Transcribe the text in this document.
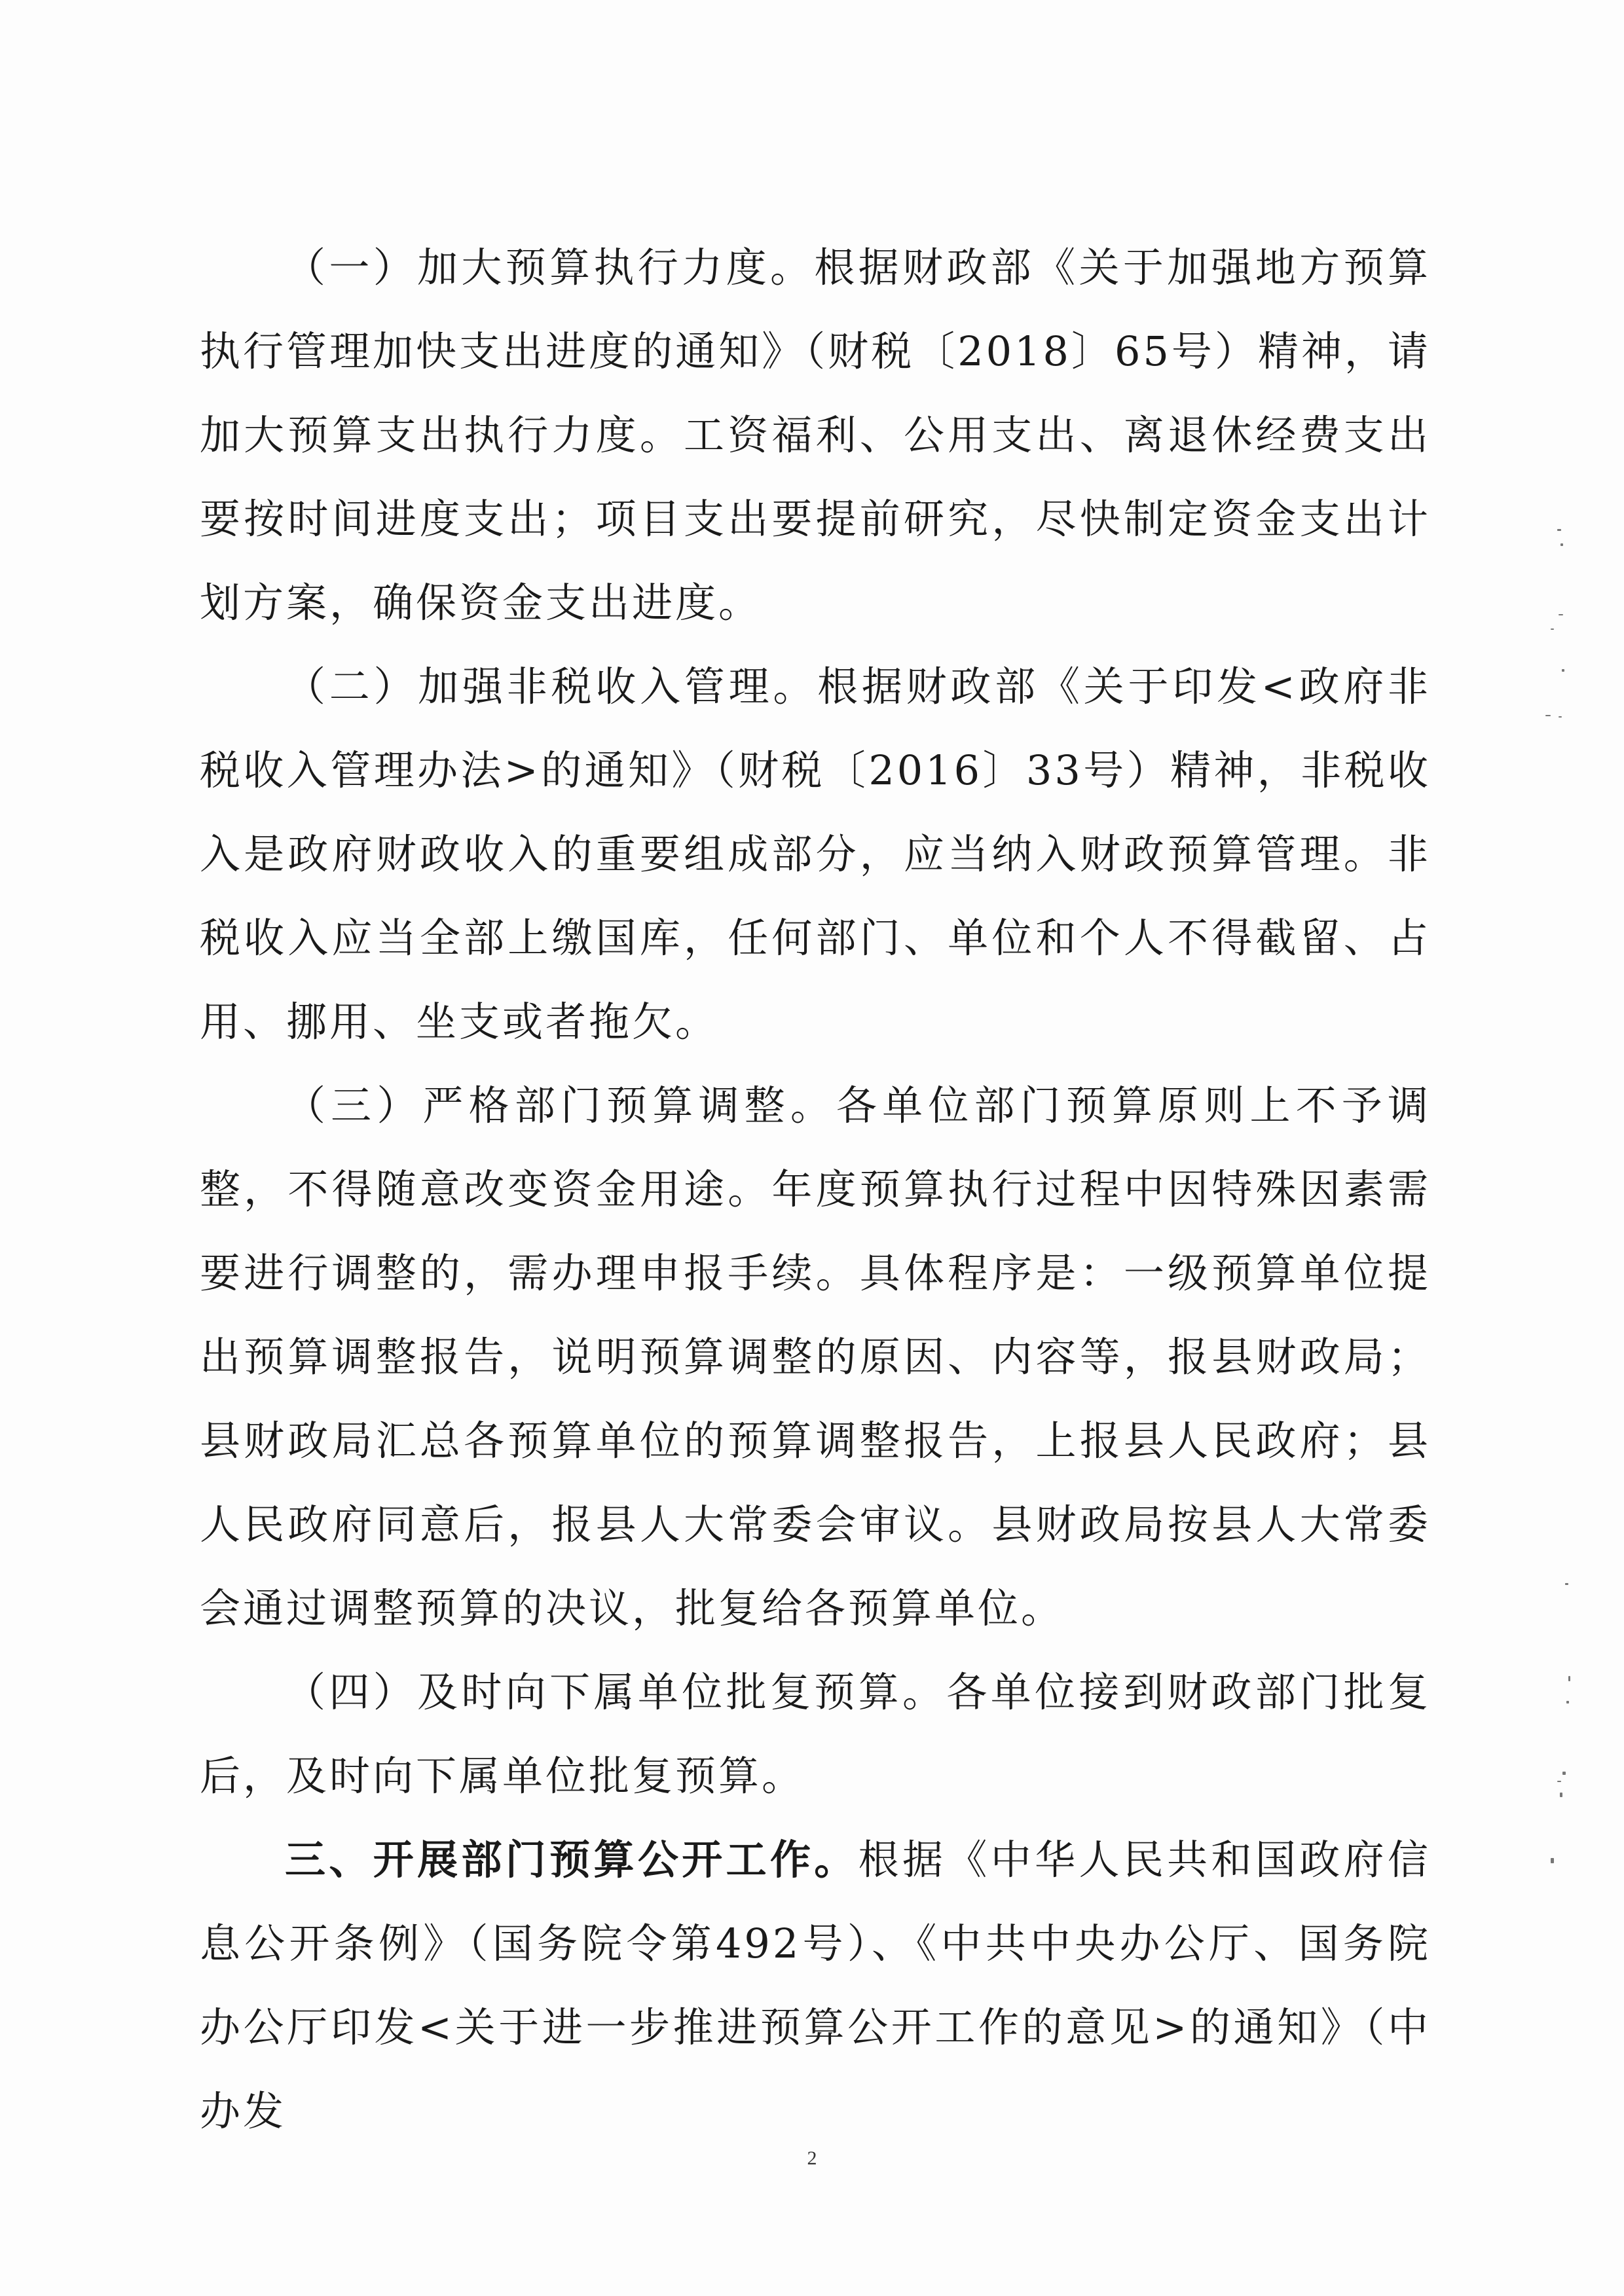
（一）加大预算执行力度。根据财政部《关于加强地方预算执行管理加快支出进度的通知》（财税〔2018〕65号）精神，请加大预算支出执行力度。工资福利、公用支出、离退休经费支出要按时间进度支出；项目支出要提前研究，尽快制定资金支出计划方案，确保资金支出进度。

（二）加强非税收入管理。根据财政部《关于印发<政府非税收入管理办法>的通知》（财税〔2016〕33号）精神，非税收入是政府财政收入的重要组成部分，应当纳入财政预算管理。非税收入应当全部上缴国库，任何部门、单位和个人不得截留、占用、挪用、坐支或者拖欠。

（三）严格部门预算调整。各单位部门预算原则上不予调整，不得随意改变资金用途。年度预算执行过程中因特殊因素需要进行调整的，需办理申报手续。具体程序是：一级预算单位提出预算调整报告，说明预算调整的原因、内容等，报县财政局；县财政局汇总各预算单位的预算调整报告，上报县人民政府；县人民政府同意后，报县人大常委会审议。县财政局按县人大常委会通过调整预算的决议，批复给各预算单位。

（四）及时向下属单位批复预算。各单位接到财政部门批复后，及时向下属单位批复预算。

三、开展部门预算公开工作。根据《中华人民共和国政府信息公开条例》（国务院令第492号）、《中共中央办公厅、国务院办公厅印发<关于进一步推进预算公开工作的意见>的通知》（中办发

2
